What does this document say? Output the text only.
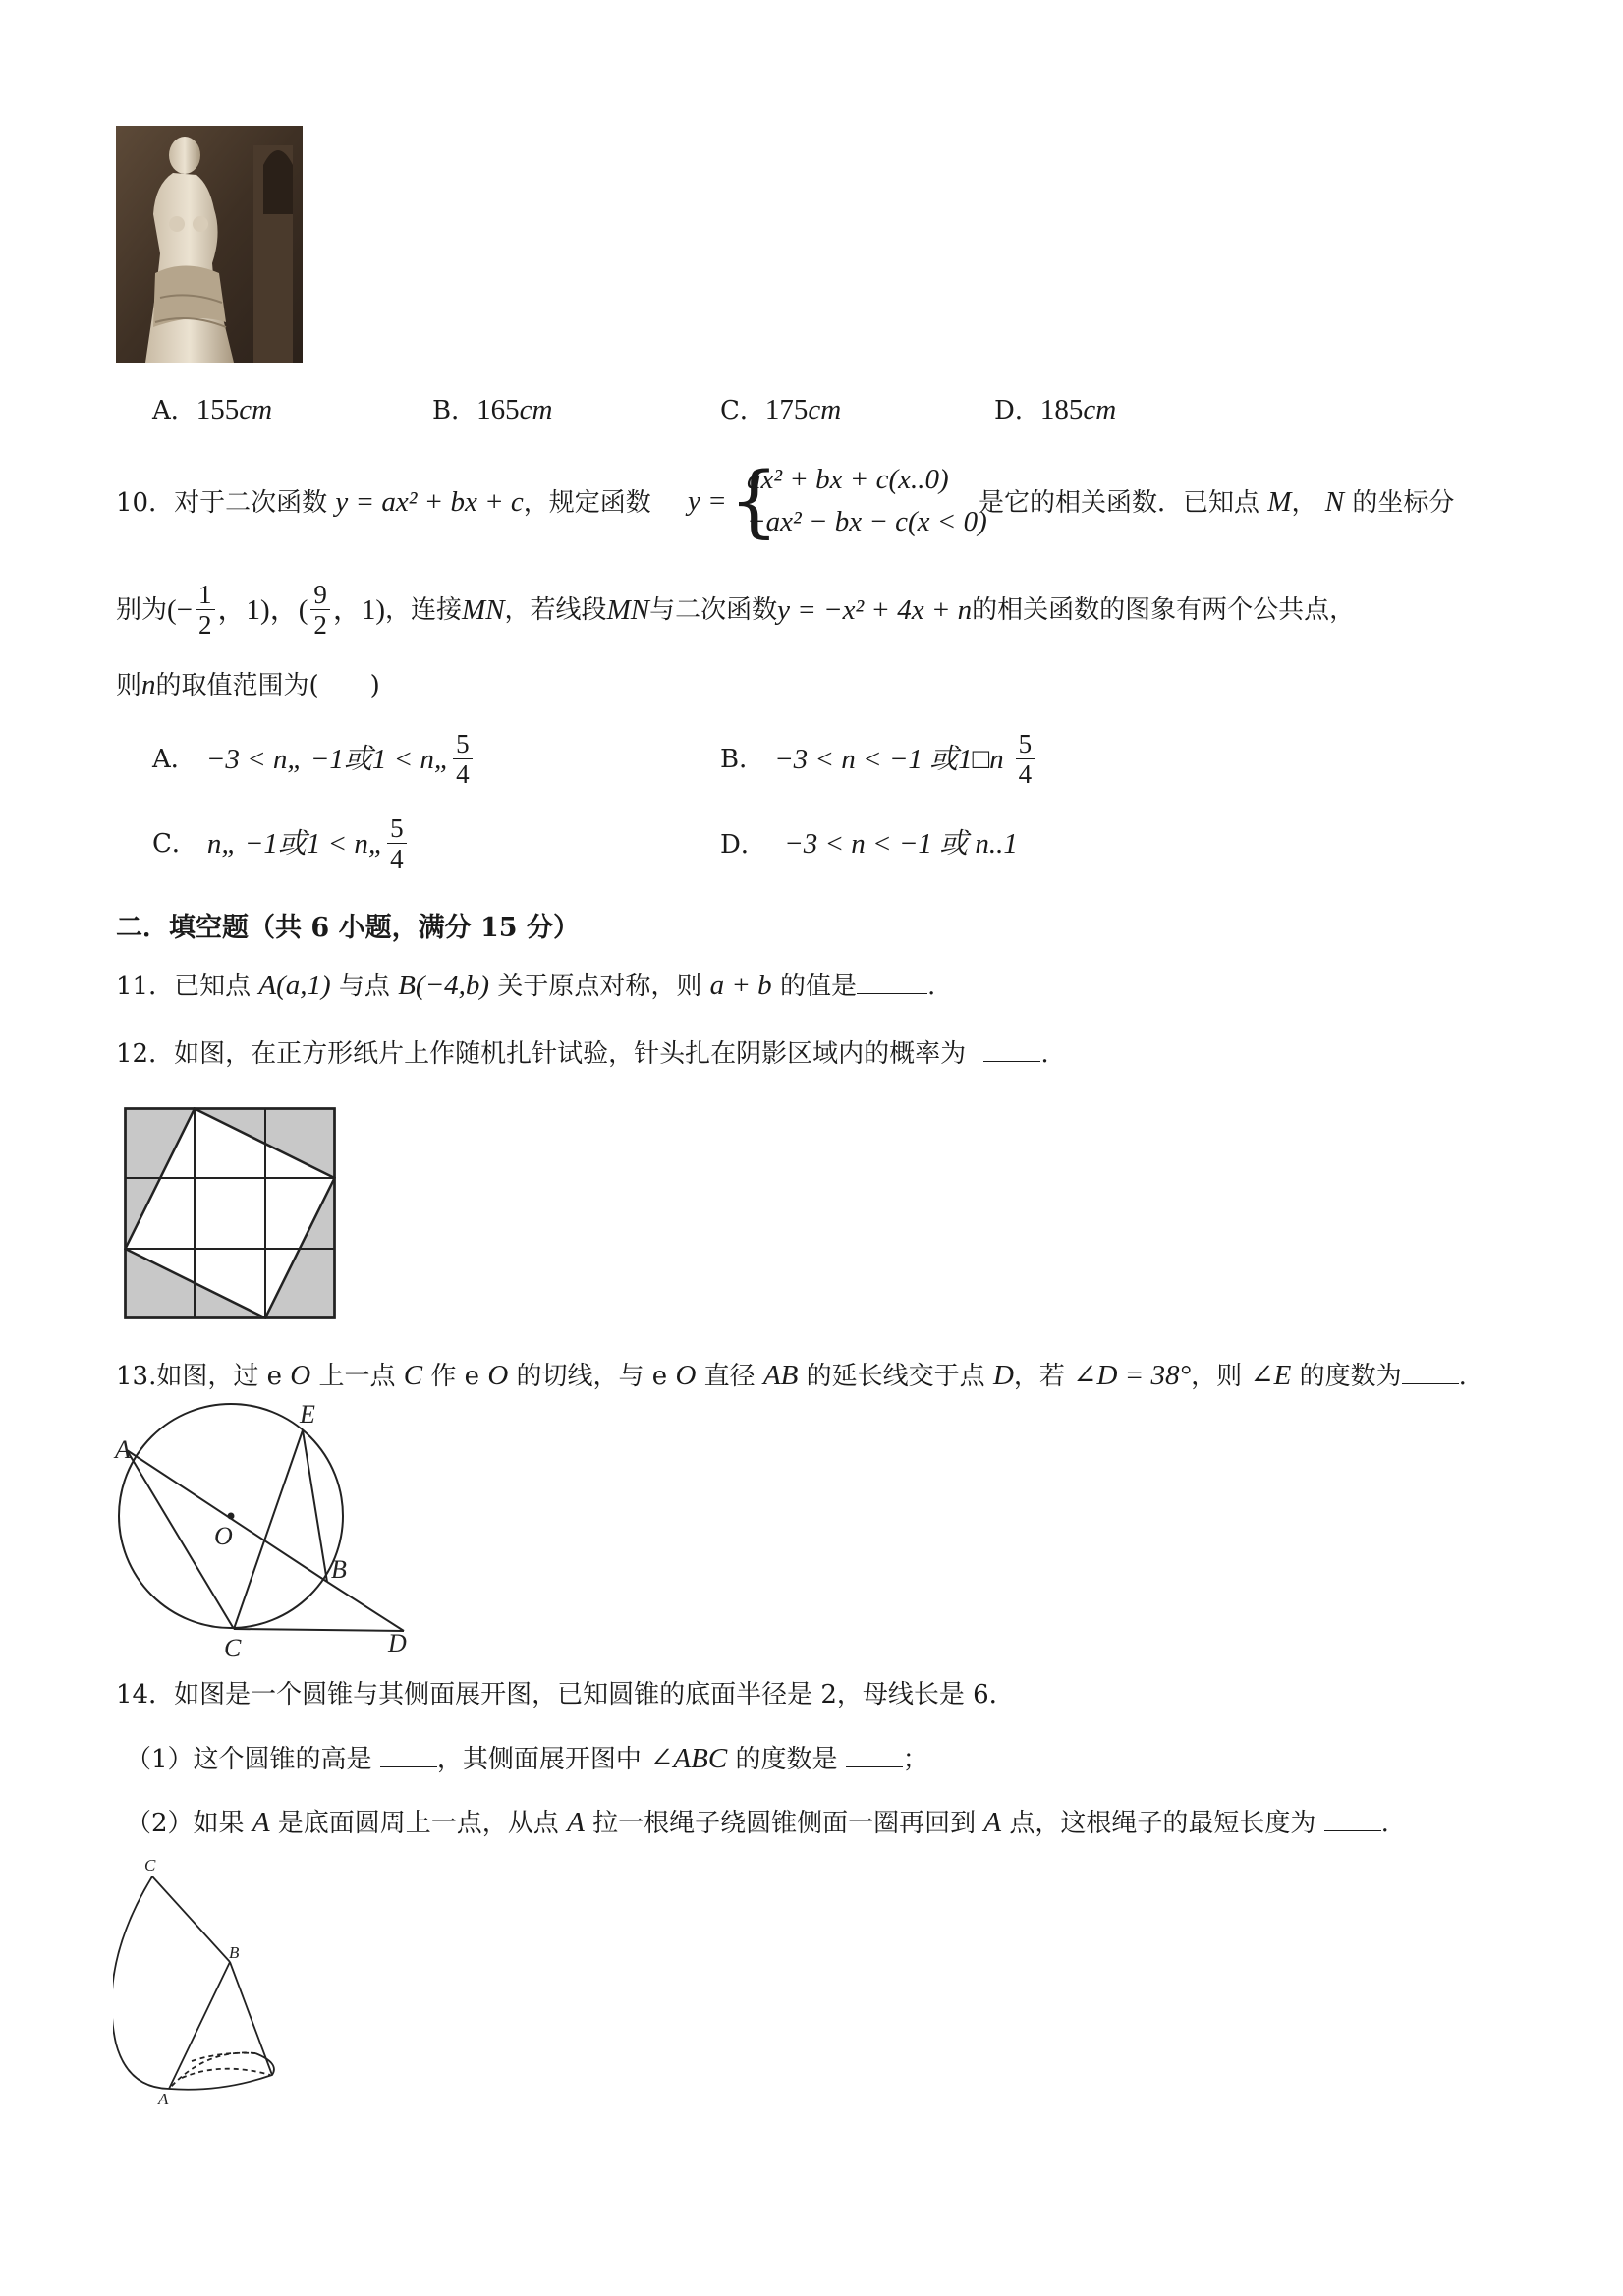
A．155cm	B．165cm	C．175cm	D．185cm
10．对于二次函数 y = ax² + bx + c，规定函数 y = {
ax² + bx + c(x..0)
−ax² − bx − c(x < 0)
是它的相关函数．已知点 M， N 的坐标分
别为 (− $\frac{1}{2}$ ，1)，( $\frac{9}{2}$ ，1) ，连接 MN ，若线段 MN 与二次函数 y = −x² + 4x + n 的相关函数的图象有两个公共点，
则n的取值范围为(　　)
A． −3 < n„ −1或1 < n„ $\frac{5}{4}$	B． −3 < n < −1 或1□n $\frac{5}{4}$
C． n„ −1或1 < n„ $\frac{5}{4}$	D． −3 < n < −1 或 n..1
二．填空题（共 6 小题，满分 15 分）
11．已知点 A(a,1) 与点 B(−4,b) 关于原点对称，则 a + b 的值是	.
12．如图，在正方形纸片上作随机扎针试验，针头扎在阴影区域内的概率为	.
13.如图，过 e O 上一点 C 作 e O 的切线，与 e O 直径 AB 的延长线交于点 D，若 ∠D = 38°，则 ∠E 的度数为 .
A
E
O
B
C	D
14．如图是一个圆锥与其侧面展开图，已知圆锥的底面半径是 2，母线长是 6．
（1）这个圆锥的高是	，其侧面展开图中 ∠ABC 的度数是	；
（2）如果 A 是底面圆周上一点，从点 A 拉一根绳子绕圆锥侧面一圈再回到 A 点，这根绳子的最短长度为	.
C
B
A
